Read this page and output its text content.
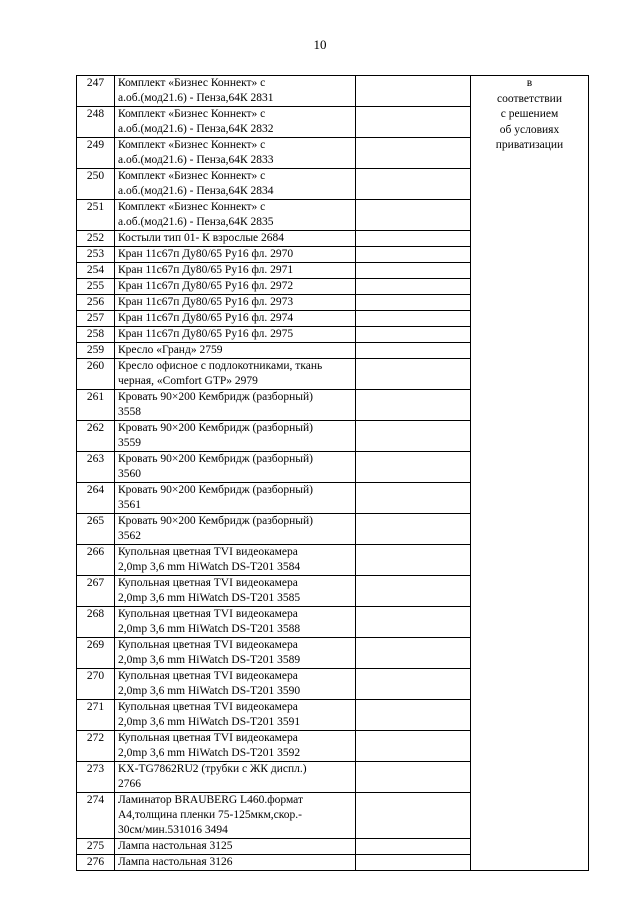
10
247	Комплект «Бизнес Коннект» с
а.об.(мод21.6) - Пенза,64К 2831		в
соответствии
с решением
об условиях
приватизации
248	Комплект «Бизнес Коннект» с
а.об.(мод21.6) - Пенза,64К 2832		
249	Комплект «Бизнес Коннект» с
а.об.(мод21.6) - Пенза,64К 2833		
250	Комплект «Бизнес Коннект» с
а.об.(мод21.6) - Пенза,64К 2834		
251	Комплект «Бизнес Коннект» с
а.об.(мод21.6) - Пенза,64К 2835		
252	Костыли тип 01- К взрослые 2684		
253	Кран 11с67п Ду80/65 Ру16 фл. 2970		
254	Кран 11с67п Ду80/65 Ру16 фл. 2971		
255	Кран 11с67п Ду80/65 Ру16 фл. 2972		
256	Кран 11с67п Ду80/65 Ру16 фл. 2973		
257	Кран 11с67п Ду80/65 Ру16 фл. 2974		
258	Кран 11с67п Ду80/65 Ру16 фл. 2975		
259	Кресло «Гранд» 2759		
260	Кресло офисное с подлокотниками, ткань
черная, «Comfort GTP» 2979		
261	Кровать 90×200 Кембридж (разборный)
3558		
262	Кровать 90×200 Кембридж (разборный)
3559		
263	Кровать 90×200 Кембридж (разборный)
3560		
264	Кровать 90×200 Кембридж (разборный)
3561		
265	Кровать 90×200 Кембридж (разборный)
3562		
266	Купольная цветная TVI видеокамера
2,0mp 3,6 mm HiWatch DS-T201 3584		
267	Купольная цветная TVI видеокамера
2,0mp 3,6 mm HiWatch DS-T201 3585		
268	Купольная цветная TVI видеокамера
2,0mp 3,6 mm HiWatch DS-T201 3588		
269	Купольная цветная TVI видеокамера
2,0mp 3,6 mm HiWatch DS-T201 3589		
270	Купольная цветная TVI видеокамера
2,0mp 3,6 mm HiWatch DS-T201 3590		
271	Купольная цветная TVI видеокамера
2,0mp 3,6 mm HiWatch DS-T201 3591		
272	Купольная цветная TVI видеокамера
2,0mp 3,6 mm HiWatch DS-T201 3592		
273	KX-TG7862RU2 (трубки с ЖК диспл.)
2766		
274	Ламинатор BRAUBERG L460.формат
А4,толщина пленки 75-125мкм,скор.-
30см/мин.531016 3494		
275	Лампа настольная 3125		
276	Лампа настольная 3126		
